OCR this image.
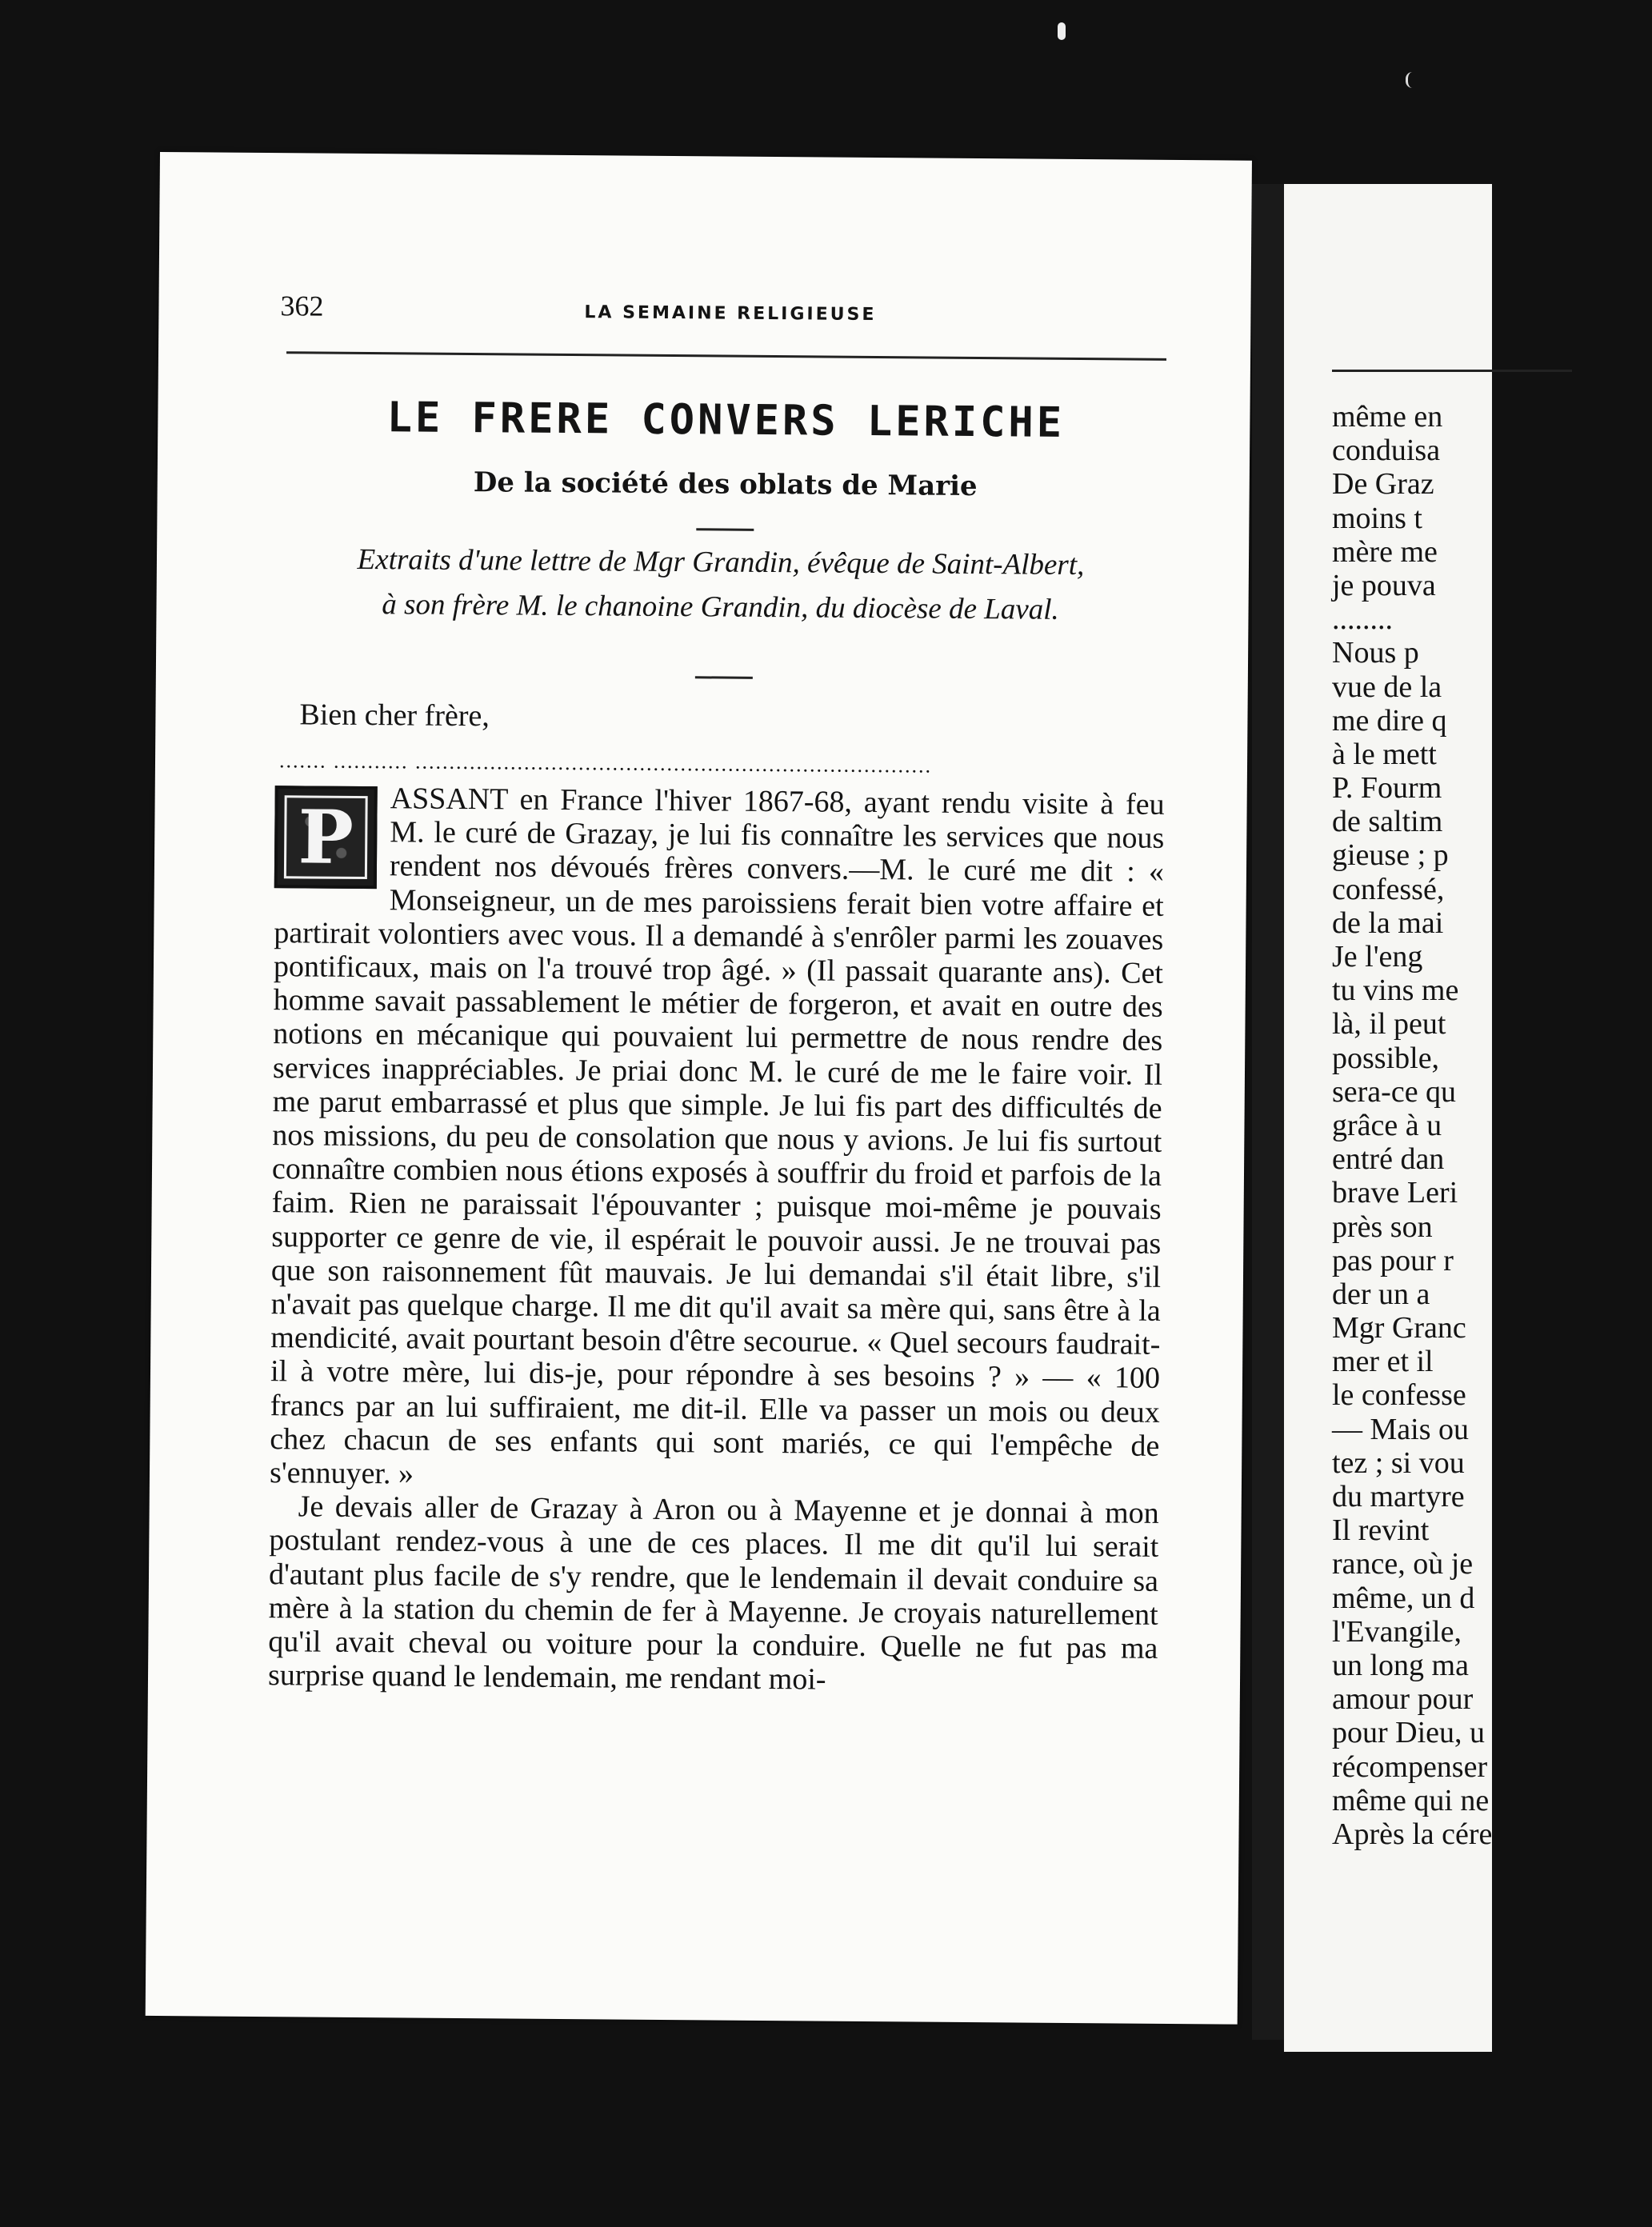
362	LA SEMAINE RELIGIEUSE
LE FRERE CONVERS LERICHE
De la société des oblats de Marie
Extraits d'une lettre de Mgr Grandin, évêque de Saint-Albert,
à son frère M. le chanoine Grandin, du diocèse de Laval.
Bien cher frère,
....... ........... ............................................................................
P	ASSANT en France l'hiver 1867-68, ayant rendu visite à feu M. le curé de Grazay, je lui fis connaître les services que nous rendent nos dévoués frères convers.—M. le curé me dit : « Monseigneur, un de mes paroissiens ferait bien votre affaire et partirait volontiers avec vous. Il a demandé à s'enrôler parmi les zouaves pontificaux, mais on l'a trouvé trop âgé. » (Il passait quarante ans). Cet homme savait passablement le métier de forgeron, et avait en outre des notions en mécanique qui pouvaient lui permettre de nous rendre des services inappréciables. Je priai donc M. le curé de me le faire voir. Il me parut embarrassé et plus que simple. Je lui fis part des difficultés de nos missions, du peu de consolation que nous y avions. Je lui fis surtout connaître combien nous étions exposés à souffrir du froid et parfois de la faim. Rien ne paraissait l'épouvanter ; puisque moi-même je pouvais supporter ce genre de vie, il espérait le pouvoir aussi. Je ne trouvai pas que son raisonnement fût mauvais. Je lui demandai s'il était libre, s'il n'avait pas quelque charge. Il me dit qu'il avait sa mère qui, sans être à la mendicité, avait pourtant besoin d'être secourue. « Quel secours faudrait-il à votre mère, lui dis-je, pour répondre à ses besoins ? » — « 100 francs par an lui suffiraient, me dit-il. Elle va passer un mois ou deux chez chacun de ses enfants qui sont mariés, ce qui l'empêche de s'ennuyer. »

Je devais aller de Grazay à Aron ou à Mayenne et je donnai à mon postulant rendez-vous à une de ces places. Il me dit qu'il lui serait d'autant plus facile de s'y rendre, que le lendemain il devait conduire sa mère à la station du chemin de fer à Mayenne. Je croyais naturellement qu'il avait cheval ou voiture pour la conduire. Quelle ne fut pas ma surprise quand le lendemain, me rendant moi-

même en
conduisa
De Graz
moins t
mère me
je pouva
........
Nous p
vue de la
me dire q
à le mett
P. Fourm
de saltim
gieuse ; p
confessé,
de la mai
Je l'eng
tu vins me
là, il peut
possible,
sera-ce qu
grâce à u
entré dan
brave Leri
près son
pas pour r
der un a
Mgr Granc
mer et il
le confesse
— Mais ou
tez ; si vou
du martyre
Il revint
rance, où je
même, un d
l'Evangile,
un long ma
amour pour
pour Dieu, u
récompenser
même qui ne
Après la cére
